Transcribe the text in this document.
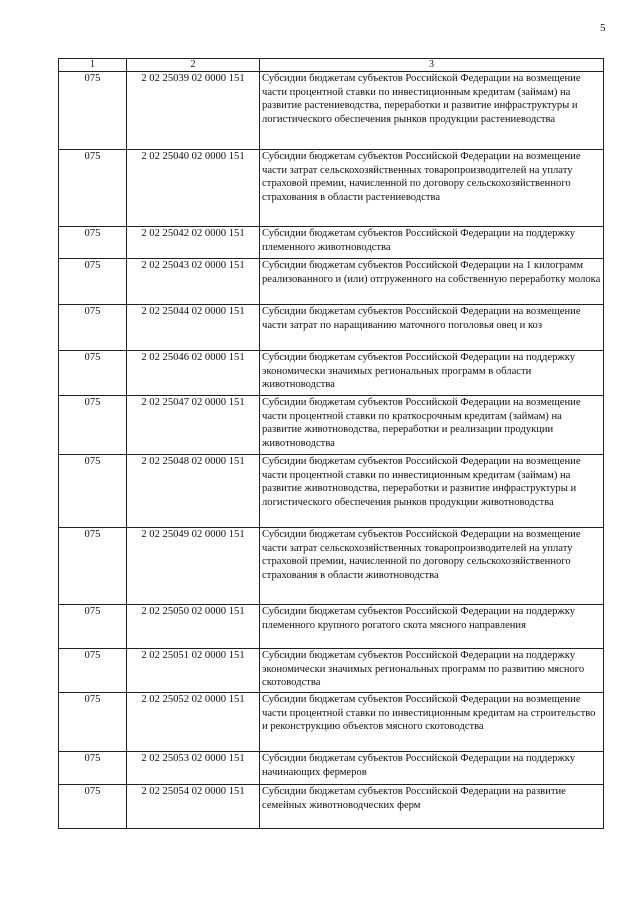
5
1	2	3
075	2 02 25039 02 0000 151	Субсидии бюджетам субъектов Российской Федерации на возмещение части процентной ставки по инвестиционным кредитам (займам) на развитие растениеводства, переработки и развитие инфраструктуры и логистического обеспечения рынков продукции растениеводства
075	2 02 25040 02 0000 151	Субсидии бюджетам субъектов Российской Федерации на возмещение части затрат сельскохозяйственных товаропроизводителей на уплату страховой премии, начисленной по договору сельскохозяйственного страхования в области растениеводства
075	2 02 25042 02 0000 151	Субсидии бюджетам субъектов Российской Федерации на поддержку племенного животноводства
075	2 02 25043 02 0000 151	Субсидии бюджетам субъектов Российской Федерации на 1 килограмм реализованного и (или) отгруженного на собственную переработку молока
075	2 02 25044 02 0000 151	Субсидии бюджетам субъектов Российской Федерации на возмещение части затрат по наращиванию маточного поголовья овец и коз
075	2 02 25046 02 0000 151	Субсидии бюджетам субъектов Российской Федерации на поддержку экономически значимых региональных программ в области животноводства
075	2 02 25047 02 0000 151	Субсидии бюджетам субъектов Российской Федерации на возмещение части процентной ставки по краткосрочным кредитам (займам) на развитие животноводства, переработки и реализации продукции животноводства
075	2 02 25048 02 0000 151	Субсидии бюджетам субъектов Российской Федерации на возмещение части процентной ставки по инвестиционным кредитам (займам) на развитие животноводства, переработки и развитие инфраструктуры и логистического обеспечения рынков продукции животноводства
075	2 02 25049 02 0000 151	Субсидии бюджетам субъектов Российской Федерации на возмещение части затрат сельскохозяйственных товаропроизводителей на уплату страховой премии, начисленной по договору сельскохозяйственного страхования в области животноводства
075	2 02 25050 02 0000 151	Субсидии бюджетам субъектов Российской Федерации на поддержку племенного крупного рогатого скота мясного направления
075	2 02 25051 02 0000 151	Субсидии бюджетам субъектов Российской Федерации на поддержку экономически значимых региональных программ по развитию мясного скотоводства
075	2 02 25052 02 0000 151	Субсидии бюджетам субъектов Российской Федерации на возмещение части процентной ставки по инвестиционным кредитам на строительство и реконструкцию объектов мясного скотоводства
075	2 02 25053 02 0000 151	Субсидии бюджетам субъектов Российской Федерации на поддержку начинающих фермеров
075	2 02 25054 02 0000 151	Субсидии бюджетам субъектов Российской Федерации на развитие семейных животноводческих ферм
